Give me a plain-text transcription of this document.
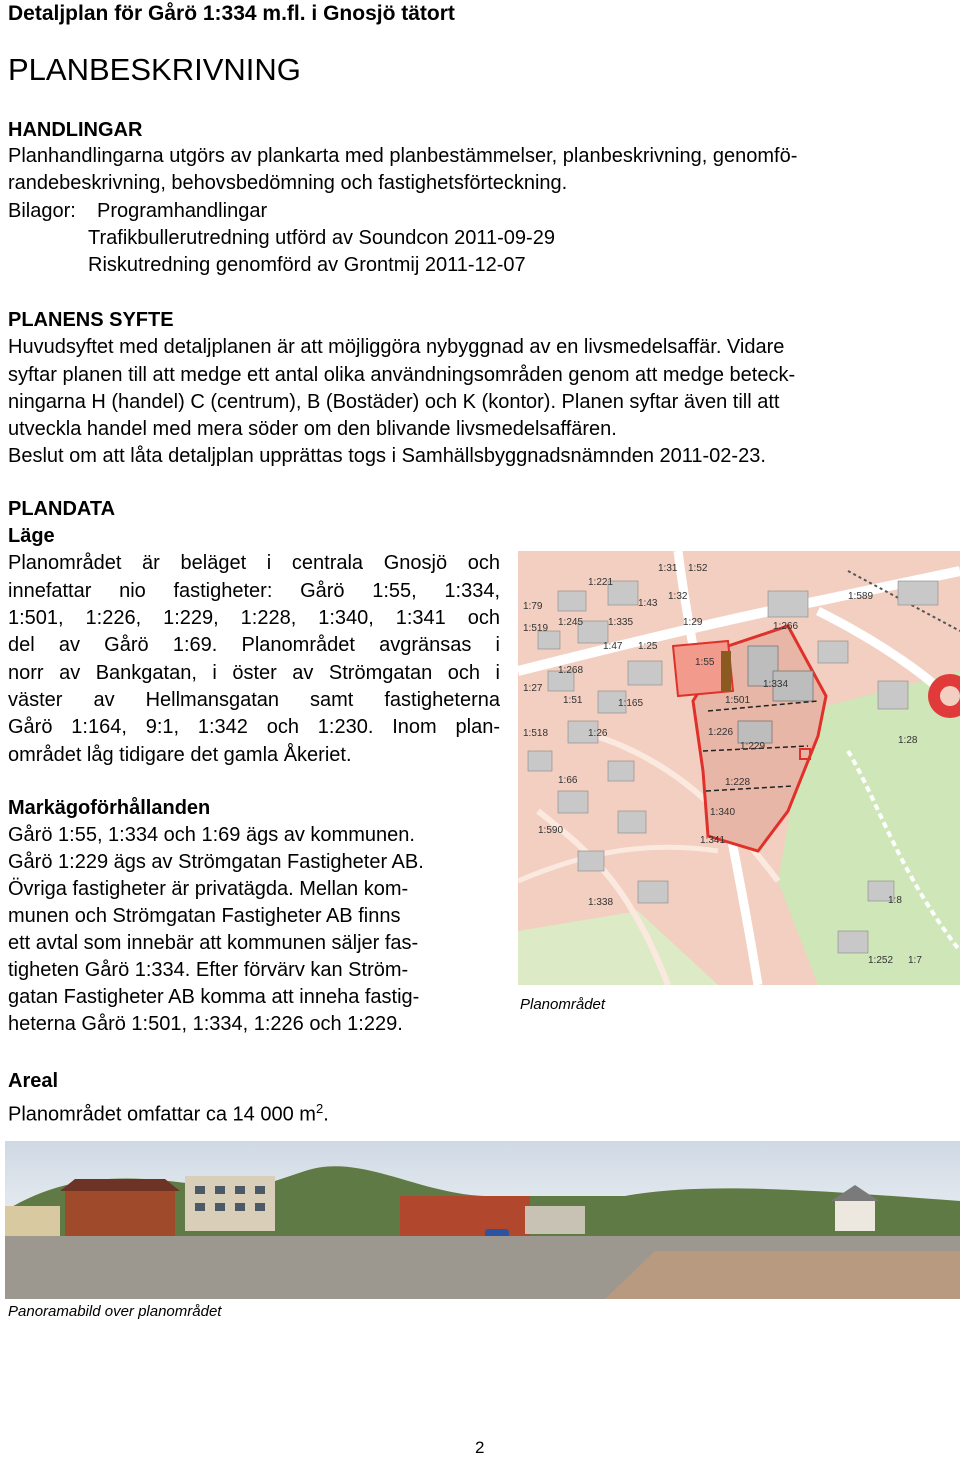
Detaljplan för Gårö 1:334 m.fl. i Gnosjö tätort
PLANBESKRIVNING
HANDLINGAR
Planhandlingarna utgörs av plankarta med planbestämmelser, planbeskrivning, genomfö-
randebeskrivning, behovsbedömning och fastighetsförteckning.
Bilagor: Programhandlingar
Trafikbullerutredning utförd av Soundcon 2011-09-29
Riskutredning genomförd av Grontmij 2011-12-07
PLANENS SYFTE
Huvudsyftet med detaljplanen är att möjliggöra nybyggnad av en livsmedelsaffär. Vidare
syftar planen till att medge ett antal olika användningsområden genom att medge beteck-
ningarna H (handel) C (centrum), B (Bostäder) och K (kontor). Planen syftar även till att
utveckla handel med mera söder om den blivande livsmedelsaffären.
Beslut om att låta detaljplan upprättas togs i Samhällsbyggnadsnämnden 2011-02-23.
PLANDATA
Läge
Planområdet är beläget i centrala Gnosjö och
innefattar nio fastigheter: Gårö 1:55, 1:334,
1:501, 1:226, 1:229, 1:228, 1:340, 1:341 och
del av Gårö 1:69. Planområdet avgränsas i
norr av Bankgatan, i öster av Strömgatan och i
väster av Hellmansgatan samt fastigheterna
Gårö 1:164, 9:1, 1:342 och 1:230. Inom plan-
området låg tidigare det gamla Åkeriet.
Markägoförhållanden
Gårö 1:55, 1:334 och 1:69 ägs av kommunen.
Gårö 1:229 ägs av Strömgatan Fastigheter AB.
Övriga fastigheter är privatägda. Mellan kom-
munen och Strömgatan Fastigheter AB finns
ett avtal som innebär att kommunen säljer fas-
tigheten Gårö 1:334. Efter förvärv kan Ström-
gatan Fastigheter AB komma att inneha fastig-
heterna Gårö 1:501, 1:334, 1:226 och 1:229.
Areal
Planområdet omfattar ca 14 000 $m^2$.
1:221
1:31 1:52
1:43
1:32
1:79
1:519
1:245 1:335	1:29	1:266
1:589
1:47 1:25
1:268
1:27
1:51	1:165
1:518	1:26
1:66
1:590
1:338
1:28
1:8
1:252 1:7
1:55
1:334
1:501
1:226
1:229
1:228
1:340
1:341
Planområdet
Panoramabild over planområdet
2
